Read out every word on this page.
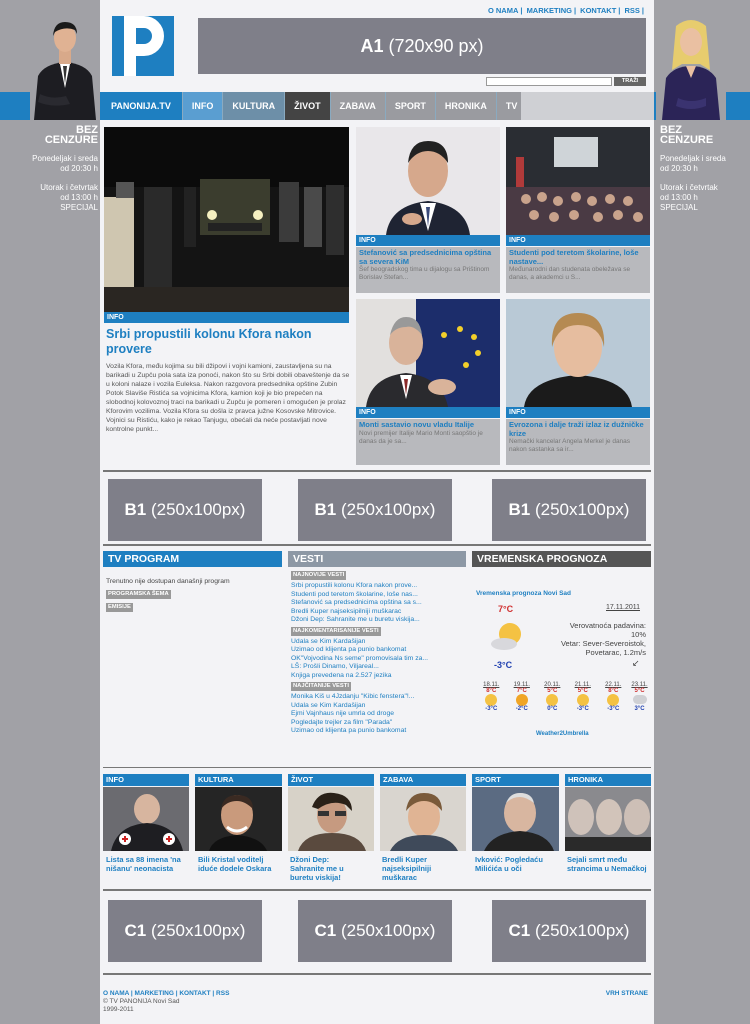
BEZ
CENZURE
Ponedeljak i sreda
od 20:30 h
Utorak i četvrtak
od 13:00 h
SPECIJAL
BEZ
CENZURE
Ponedeljak i sreda
od 20:30 h
Utorak i četvrtak
od 13:00 h
SPECIJAL
O NAMA | MARKETING | KONTAKT | RSS |
A1 (720x90 px)
TRAŽI
PANONIJA.TV	INFO	KULTURA	ŽIVOT	ZABAVA	SPORT	HRONIKA	TV
INFO
Srbi propustili kolonu Kfora nakon provere
Vozila Kfora, među kojima su bili džipovi i vojni kamioni, zaustavljena su na barikadi u Zupču pola sata iza ponoći, nakon što su Srbi dobili obaveštenje da se u koloni nalaze i vozila Euleksa. Nakon razgovora predsednika opštine Zubin Potok Slaviše Ristića sa vojnicima Kfora, kamion koji je bio prepečen na slobodnoj kolovoznoj traci na barikadi u Zupču je pomeren i omogućen je prolaz Kforovim vozilima. Vozila Kfora su došla iz pravca južne Kosovske Mitrovice. Vojnici su Ristiću, kako je rekao Tanjugu, obećali da neće postavljati nove kontrolne punkt...
INFO
Stefanović sa predsednicima opština sa severa KiM
Šef beogradskog tima u dijalogu sa Prištinom Borislav Stefan...
INFO
Studenti pod teretom školarine, loše nastave...
Međunarodni dan studenata obeležava se danas, a akademci u S...
INFO
Monti sastavio novu vladu Italije
Novi premijer Italije Mario Monti saopštio je danas da je sa...
INFO
Evrozona i dalje traži izlaz iz dužničke krize
Nemački kancelar Angela Merkel je danas nakon sastanka sa ir...
B1 (250x100px)	B1 (250x100px)	B1 (250x100px)
TV PROGRAM
Trenutno nije dostupan današnji program
PROGRAMSKA ŠEMA
EMISIJE
VESTI
NAJNOVIJE VESTI
Srbi propustili kolonu Kfora nakon prove...
Studenti pod teretom školarine, loše nas...
Stefanović sa predsednicima opština sa s...
Bredli Kuper najseksipilniji muškarac
Džoni Dep: Sahranite me u buretu viskija...
NAJKOMENTARISANIJE VESTI
Udala se Kim Kardašijan
Uzimao od klijenta pa punio bankomat
OK"Vojvodina Ns seme" promovisala tim za...
LŠ: Prošli Dinamo, Viljareal...
Knjiga prevedena na 2.527 jezika
NAJČITANIJE VESTI
Monika Kiš u 4Jzdanju "Kibic fenstera"!...
Udala se Kim Kardašijan
Ejmi Vajnhaus nije umrla od droge
Pogledajte trejler za film "Parada"
Uzimao od klijenta pa punio bankomat
VREMENSKA PROGNOZA
Vremenska prognoza Novi Sad
7°C	17.11.2011
-3°C
Verovatnoća padavina:
10%
Vetar: Sever-Severoistok,
Povetarac, 1.2m/s
↙
18.11.
8°C
-3°C
19.11.
7°C
-2°C
20.11.
5°C
0°C
21.11.
5°C
-3°C
22.11.
8°C
-3°C
23.11.
5°C
3°C
Weather2Umbrella
INFO	KULTURA	ŽIVOT	ZABAVA	SPORT	HRONIKA
Lista sa 88 imena 'na nišanu' neonacista
Bili Kristal voditelj iduće dodele Oskara
Džoni Dep: Sahranite me u buretu viskija!
Bredli Kuper najseksipilniji muškarac
Ivković: Pogledaću Milićića u oči
Sejali smrt među strancima u Nemačkoj
C1 (250x100px)	C1 (250x100px)	C1 (250x100px)
O NAMA | MARKETING | KONTAKT | RSS
© TV PANONIJA Novi Sad
1999-2011
VRH STRANE
